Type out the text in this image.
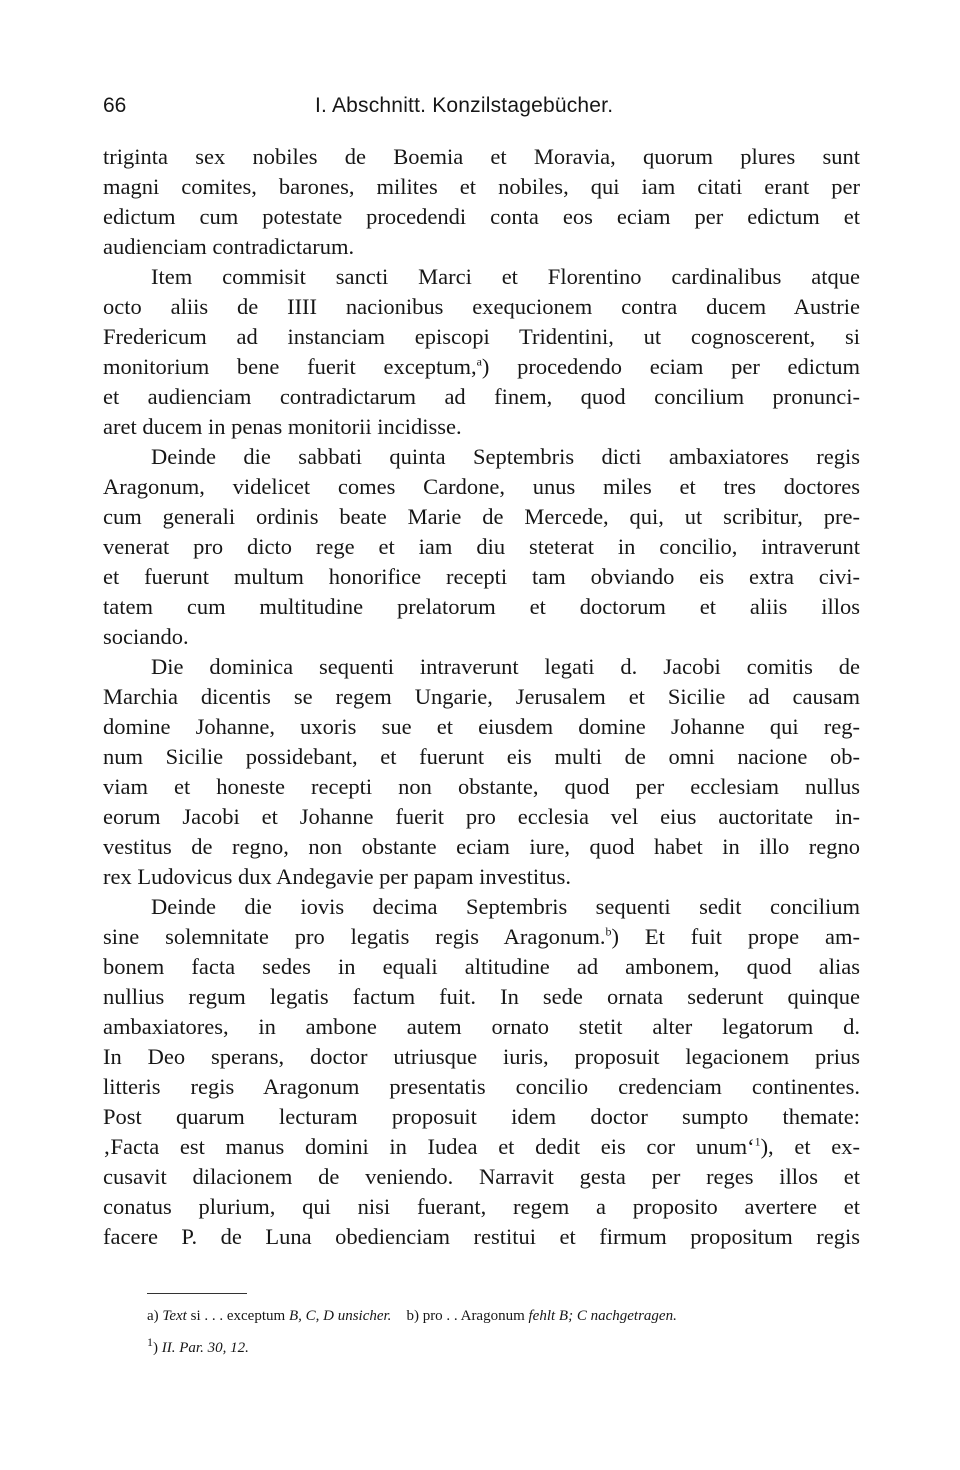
66	I. Abschnitt. Konzilstagebücher.
triginta sex nobiles de Boemia et Moravia, quorum plures sunt
magni comites, barones, milites et nobiles, qui iam citati erant per
edictum cum potestate procedendi conta eos eciam per edictum et
audienciam contradictarum.
Item commisit sancti Marci et Florentino cardinalibus atque
octo aliis de IIII nacionibus exequcionem contra ducem Austrie
Fredericum ad instanciam episcopi Tridentini, ut cognoscerent, si
monitorium bene fuerit exceptum,$^a$) procedendo eciam per edictum
et audienciam contradictarum ad finem, quod concilium pronunci-
aret ducem in penas monitorii incidisse.
Deinde die sabbati quinta Septembris dicti ambaxiatores regis
Aragonum, videlicet comes Cardone, unus miles et tres doctores
cum generali ordinis beate Marie de Mercede, qui, ut scribitur, pre-
venerat pro dicto rege et iam diu steterat in concilio, intraverunt
et fuerunt multum honorifice recepti tam obviando eis extra civi-
tatem cum multitudine prelatorum et doctorum et aliis illos
sociando.
Die dominica sequenti intraverunt legati d. Jacobi comitis de
Marchia dicentis se regem Ungarie, Jerusalem et Sicilie ad causam
domine Johanne, uxoris sue et eiusdem domine Johanne qui reg-
num Sicilie possidebant, et fuerunt eis multi de omni nacione ob-
viam et honeste recepti non obstante, quod per ecclesiam nullus
eorum Jacobi et Johanne fuerit pro ecclesia vel eius auctoritate in-
vestitus de regno, non obstante eciam iure, quod habet in illo regno
rex Ludovicus dux Andegavie per papam investitus.
Deinde die iovis decima Septembris sequenti sedit concilium
sine solemnitate pro legatis regis Aragonum.$^b$) Et fuit prope am-
bonem facta sedes in equali altitudine ad ambonem, quod alias
nullius regum legatis factum fuit. In sede ornata sederunt quinque
ambaxiatores, in ambone autem ornato stetit alter legatorum d.
In Deo sperans, doctor utriusque iuris, proposuit legacionem prius
litteris regis Aragonum presentatis concilio credenciam continentes.
Post quarum lecturam proposuit idem doctor sumpto themate:
‚Facta est manus domini in Iudea et dedit eis cor unum‘$^1$), et ex-
cusavit dilacionem de veniendo. Narravit gesta per reges illos et
conatus plurium, qui nisi fuerant, regem a proposito avertere et
facere P. de Luna obedienciam restitui et firmum propositum regis
a) Text si . . . exceptum B, C, D unsicher. b) pro . . Aragonum fehlt B; C nachgetragen.
$^1$) II. Par. 30, 12.
